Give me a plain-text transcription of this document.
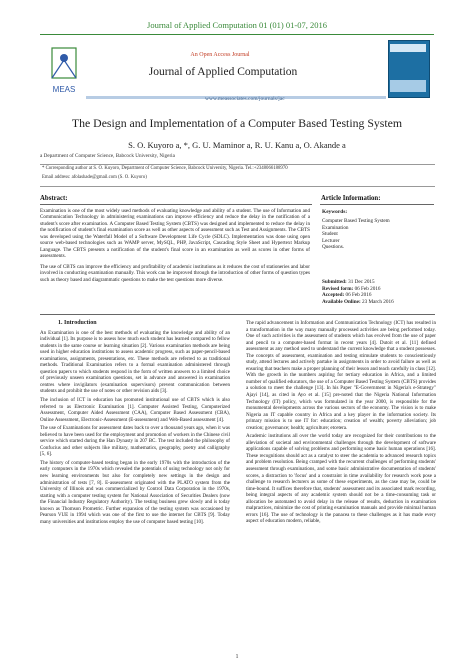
Journal of Applied Computation 01 (01) 01-07, 2016
MEAS
An Open Access Journal
Journal of Applied Computation
www.meassociates.com/journals/jac
The Design and Implementation of a Computer Based Testing System
S. O. Kuyoro a, *, G. U. Maminor a, R. U. Kanu a, O. Akande a
a Department of Computer Science, Babcock University, Nigeria
* Corresponding author at S. O. Kuyoro, Department of Computer Science, Babcock University, Nigeria. Tel.:+2348066188970
Email address: afolashade@gmail.com (S. O. Kuyoro)
Abstract:	Article Information:

Examination is one of the most widely used methods of evaluating knowledge and ability of a student. The use of Information and Communication Technology in administering examinations can improve efficiency and reduce the delay in the notification of a student's score after examination. A Computer Based Testing System (CBTS) was designed and implemented to reduce the delay in the notification of student's final examination score as well as other aspects of assessment such as Test and Assignments. The CBTS was developed using the Waterfall Model of a Software Development Life Cycle (SDLC). Implementation was done using open source web-based technologies such as WAMP server, MySQL, PHP, JavaScript, Cascading Style Sheet and Hypertext Markup Language. The CBTS presents a notification of the student's final score in an examination as well as scores in other forms of assessments.

The use of CBTS can improve the efficiency and profitability of academic institutions as it reduces the cost of stationeries and labor involved in conducting examination manually. This work can be improved through the introduction of other forms of question types such as theory based and diagrammatic questions to make the test questions more diverse.

Keywords:
Computer Based Testing System
Examination
Student
Lecturer
Questions.
Submitted: 31 Dec 2015
Revised form: 06 Feb 2016
Accepted: 06 Feb 2016
Available Online: 23 March 2016
1. Introduction

An Examination is one of the best methods of evaluating the knowledge and ability of an individual [1]. Its purpose is to assess how much each student has learned compared to fellow students in the same course or learning situation [2]. Various examination methods are being used in higher education institutions to assess academic progress, such as paper-pencil-based examinations, assignments, presentations, etc. These methods are referred to as traditional methods. Traditional Examination refers to a formal examination administered through question papers to which students respond in the form of written answers to a limited choice of previously unseen examination questions, set in advance and answered in examination centres where invigilators (examination supervisors) prevent communication between students and prohibit the use of notes or other revision aids [3].

The inclusion of ICT in education has promoted institutional use of CBTS which is also referred to as Electronic Examination [1]. Computer Assisted Testing, Computerized Assessment, Computer Aided Assessment (CAA), Computer Based Assessment (CBA), Online Assessment, Electronic-Assessment (E-assessment) and Web-Based assessment [4].

The use of Examinations for assessment dates back to over a thousand years ago, when it was believed to have been used for the employment and promotion of workers in the Chinese civil service which started during the Han Dynasty in 207 BC. The test included the philosophy of Confucius and other subjects like military, mathematics, geography, poetry and calligraphy [5, 6].

The history of computer-based testing began in the early 1970s with the introduction of the early computers in the 1970s which revealed the potentials of using technology not only for new learning environments but also for completely new settings in the design and administration of tests [7, 8]. E-assessment originated with the PLATO system from the University of Illinois and was commercialized by Control Data Corporation in the 1970s, starting with a computer testing system for National Association of Securities Dealers (now the Financial Industry Regulatory Authority). The testing business grew slowly and is today known as Thomson Prometric. Further expansion of the testing system was occasioned by Pearson VUE in 1994 which was one of the first to use the internet for CBTS [9]. Today many universities and institutions employ the use of computer based testing [10].

The rapid advancement in Information and Communication Technology (ICT) has resulted in a transformation in the way many manually processed activities are being performed today. One of such activities is the assessment of students which has evolved from the use of paper and pencil to a computer-based format in recent years [4]. Dutoit et al. [11] defined assessment as any method used to understand the current knowledge that a student possesses. The concepts of assessment, examination and testing stimulate students to conscientiously study, attend lectures and actively partake in assignments in order to avoid failure as well as ensuring that teachers make a proper planning of their lesson and teach carefully in class [12]. With the growth in the numbers aspiring for tertiary education in Africa, and a limited number of qualified educators, the use of a Computer Based Testing System (CBTS) provides a solution to meet the challenge [13]. In his Paper "E-Government in Nigeria's e-Strategy" Ajayi [14], as cited in Ayo et al. [15] pre-noted that the Nigeria National Information Technology (IT) policy, which was formulated in the year 2000, is responsible for the monumental developments across the various sectors of the economy. The vision is to make Nigeria an IT capable country in Africa and a key player in the information society. Its primary mission is to use IT for: education; creation of wealth; poverty alleviation; job creation; governance; health; agriculture; etcetera.

Academic institutions all over the world today are recognized for their contributions to the alleviation of societal and environmental challenges through the development of software applications capable of solving problems and performing some basic human operations [16]. These recognitions should act as a catalyst to steer the academia to advanced research topics and problem resolution. Being cramped with the recurrent challenges of performing students' assessment through examinations, and some basic administrative documentation of students' scores, a distraction to 'focus' and a constraint in time availability for research work pose a challenge to research lecturers as some of these experiments, as the case may be, could be time-bound. It suffices therefore that, students' assessment and its associated mark recording, being integral aspects of any academic system should not be a time-consuming task or allocation be automated to avoid delay in the release of results, deduction in examination malpractices, minimize the cost of printing examination manuals and provide minimal human errors [16]. The use of technology is the panacea to these challenges as it has made every aspect of education modern, reliable,

1
